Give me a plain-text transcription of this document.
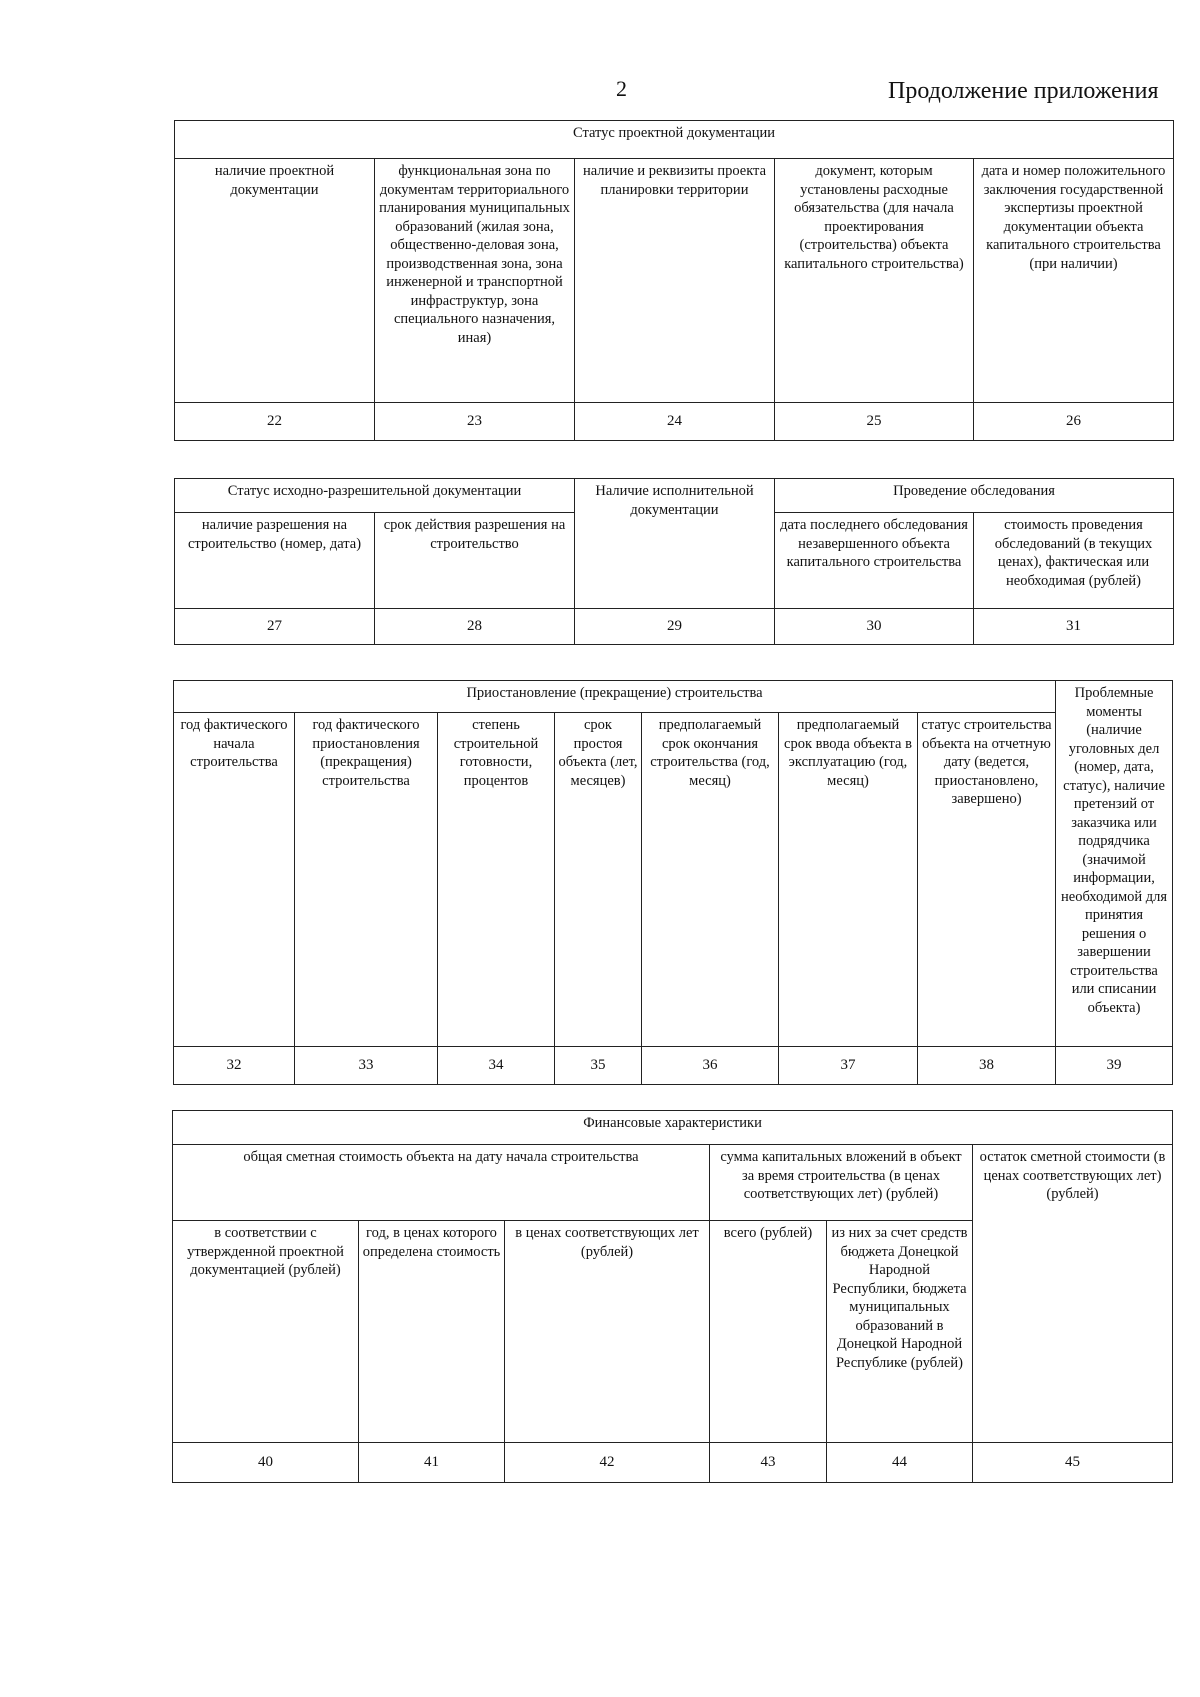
2	Продолжение приложения
Статус проектной документации				
наличие проектной документации	функциональная зона по документам территориального планирования муниципальных образований (жилая зона, общественно-деловая зона, производственная зона, зона инженерной и транспортной инфраструктур, зона специального назначения, иная)	наличие и реквизиты проекта планировки территории	документ, которым установлены расходные обязательства (для начала проектирования (строительства) объекта капитального строительства)	дата и номер положительного заключения государственной экспертизы проектной документации объекта капитального строительства (при наличии)
22	23	24	25	26
Статус исходно-разрешительной документации		Наличие исполнительной документации	Проведение обследования	
наличие разрешения на строительство (номер, дата)	срок действия разрешения на строительство		дата последнего обследования незавершенного объекта капитального строительства	стоимость проведения обследований (в текущих ценах), фактическая или необходимая (рублей)
27	28	29	30	31
Приостановление (прекращение) строительства							Проблемные моменты (наличие уголовных дел (номер, дата, статус), наличие претензий от заказчика или подрядчика (значимой информации, необходимой для принятия решения о завершении строительства или списании объекта)
год фактического начала строительства	год фактического приостановления (прекращения) строительства	степень строительной готовности, процентов	срок простоя объекта (лет, месяцев)	предполагаемый срок окончания строительства (год, месяц)	предполагаемый срок ввода объекта в эксплуатацию (год, месяц)	статус строительства объекта на отчетную дату (ведется, приостановлено, завершено)	
32	33	34	35	36	37	38	39
Финансовые характеристики					
общая сметная стоимость объекта на дату начала строительства			сумма капитальных вложений в объект за время строительства (в ценах соответствующих лет) (рублей)		остаток сметной стоимости (в ценах соответствующих лет) (рублей)
в соответствии с утвержденной проектной документацией (рублей)	год, в ценах которого определена стоимость	в ценах соответствующих лет (рублей)	всего (рублей)	из них за счет средств бюджета Донецкой Народной Республики, бюджета муниципальных образований в Донецкой Народной Республике (рублей)	
40	41	42	43	44	45
